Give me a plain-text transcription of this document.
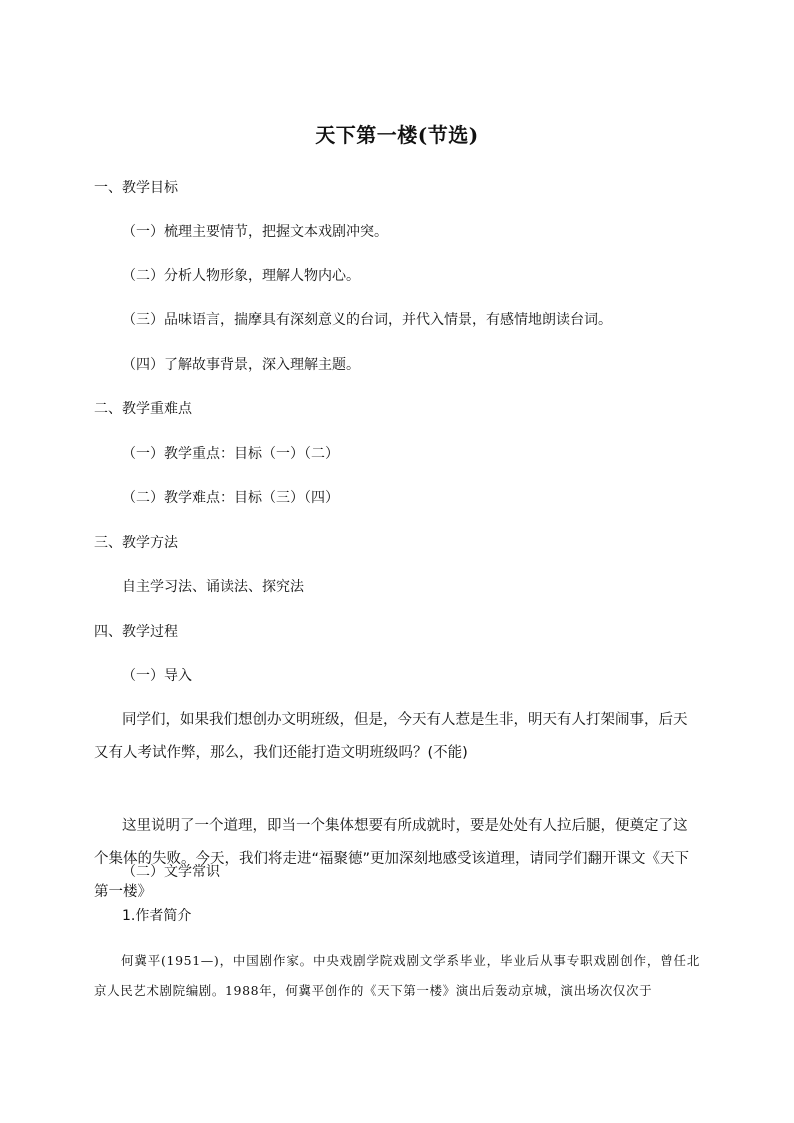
天下第一楼(节选)
一、教学目标
（一）梳理主要情节，把握文本戏剧冲突。
（二）分析人物形象，理解人物内心。
（三）品味语言，揣摩具有深刻意义的台词，并代入情景，有感情地朗读台词。
（四）了解故事背景，深入理解主题。
二、教学重难点
（一）教学重点：目标（一）（二）
（二）教学难点：目标（三）（四）
三、教学方法
自主学习法、诵读法、探究法
四、教学过程
（一）导入
同学们，如果我们想创办文明班级，但是，今天有人惹是生非，明天有人打架闹事，后天又有人考试作弊，那么，我们还能打造文明班级吗？(不能)
这里说明了一个道理，即当一个集体想要有所成就时，要是处处有人拉后腿，便奠定了这个集体的失败。今天，我们将走进“福聚德”更加深刻地感受该道理，请同学们翻开课文《天下第一楼》
（二）文学常识
1.作者简介
何冀平(1951—)，中国剧作家。中央戏剧学院戏剧文学系毕业，毕业后从事专职戏剧创作，曾任北京人民艺术剧院编剧。1988年，何冀平创作的《天下第一楼》演出后轰动京城，演出场次仅次于
